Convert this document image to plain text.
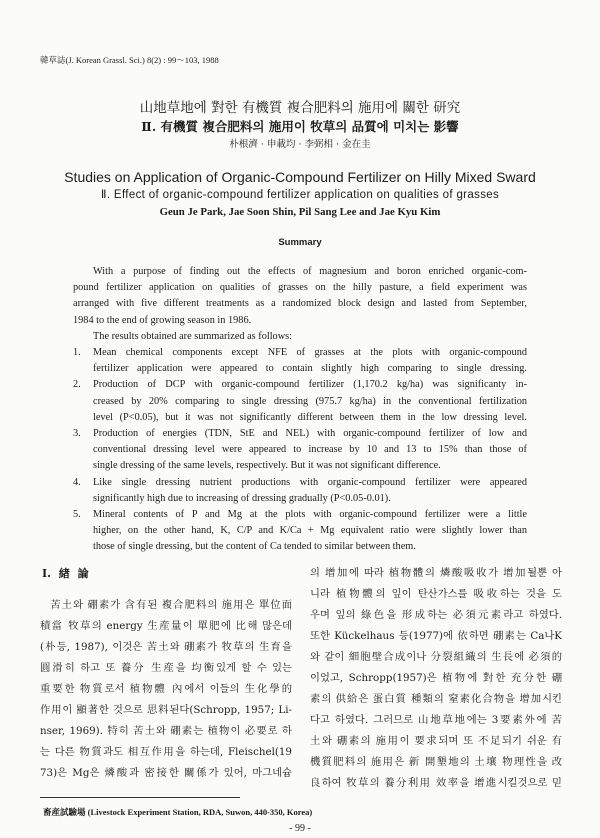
韓草誌(J. Korean Grassl. Sci.) 8(2) : 99～103, 1988
山地草地에 對한 有機質 複合肥料의 施用에 關한 研究
Ⅱ. 有機質 複合肥料의 施用이 牧草의 品質에 미치는 影響
朴根濟 · 申載均 · 李弼相 · 金在圭
Studies on Application of Organic-Compound Fertilizer on Hilly Mixed Sward
Ⅱ. Effect of organic-compound fertilizer application on qualities of grasses
Geun Je Park, Jae Soon Shin, Pil Sang Lee and Jae Kyu Kim
Summary
With a purpose of finding out the effects of magnesium and boron enriched organic-com-
pound fertilizer application on qualities of grasses on the hilly pasture, a field experiment was
arranged with five different treatments as a randomized block design and lasted from September,
1984 to the end of growing season in 1986.
The results obtained are summarized as follows:
1.	Mean chemical components except NFE of grasses at the plots with organic-compound
fertilizer application were appeared to contain slightly high comparing to single dressing.
2.	Production of DCP with organic-compound fertilizer (1,170.2 kg/ha) was significanty in-
creased by 20% comparing to single dressing (975.7 kg/ha) in the conventional fertilization
level (P<0.05), but it was not significantly different between them in the low dressing level.
3.	Production of energies (TDN, StE and NEL) with organic-compound fertilizer of low and
conventional dressing level were appeared to increase by 10 and 13 to 15% than those of
single dressing of the same levels, respectively. But it was not significant difference.
4.	Like single dressing nutrient productions with organic-compound fertilizer were appeared
significantly high due to increasing of dressing gradually (P<0.05-0.01).
5.	Mineral contents of P and Mg at the plots with organic-compound fertilizer were a little
higher, on the other hand, K, C/P and K/Ca + Mg equivalent ratio were slightly lower than
those of single dressing, but the content of Ca tended to similar between them.
Ⅰ. 緖 論
苦土와 硼素가 含有된 複合肥料의 施用은 單位面
積當 牧草의 energy 生産量이 單肥에 比해 많은데
(朴등, 1987), 이것은 苦土와 硼素가 牧草의 生育을
圓滑히 하고 또 養分 生産을 均衡있게 할 수 있는
重要한 物質로서 植物體 內에서 이들의 生化學的
作用이 顯著한 것으로 思料된다(Schropp, 1957; Li-
nser, 1969). 特히 苦土와 硼素는 植物이 必要로 하
는 다른 物質과도 相互作用을 하는데, Fleischel(19
73)은 Mg은 燐酸과 密接한 關係가 있어, 마그네슘
의 增加에 따라 植物體의 燐酸吸收가 增加될뿐 아
니라 植物體의 잎이 탄산가스를 吸收하는 것을 도
우며 잎의 綠色을 形成하는 必須元素라고 하였다.
또한 Kückelhaus 등(1977)에 依하면 硼素는 Ca나K
와 같이 細胞壁合成이나 分裂組織의 生長에 必須的
이었고, Schropp(1957)은 植物에 對한 充分한 硼
素의 供給은 蛋白質 種類의 窒素化合物을 增加시킨
다고 하였다. 그러므로 山地草地에는 3要素外에 苦
土와 硼素의 施用이 要求되며 또 不足되기 쉬운 有
機質肥料의 施用은 新 開墾地의 土壤 物理性을 改
良하여 牧草의 養分利用 效率을 增進시킬것으로 믿
畜産試驗場 (Livestock Experiment Station, RDA, Suwon, 440-350, Korea)
- 99 -
